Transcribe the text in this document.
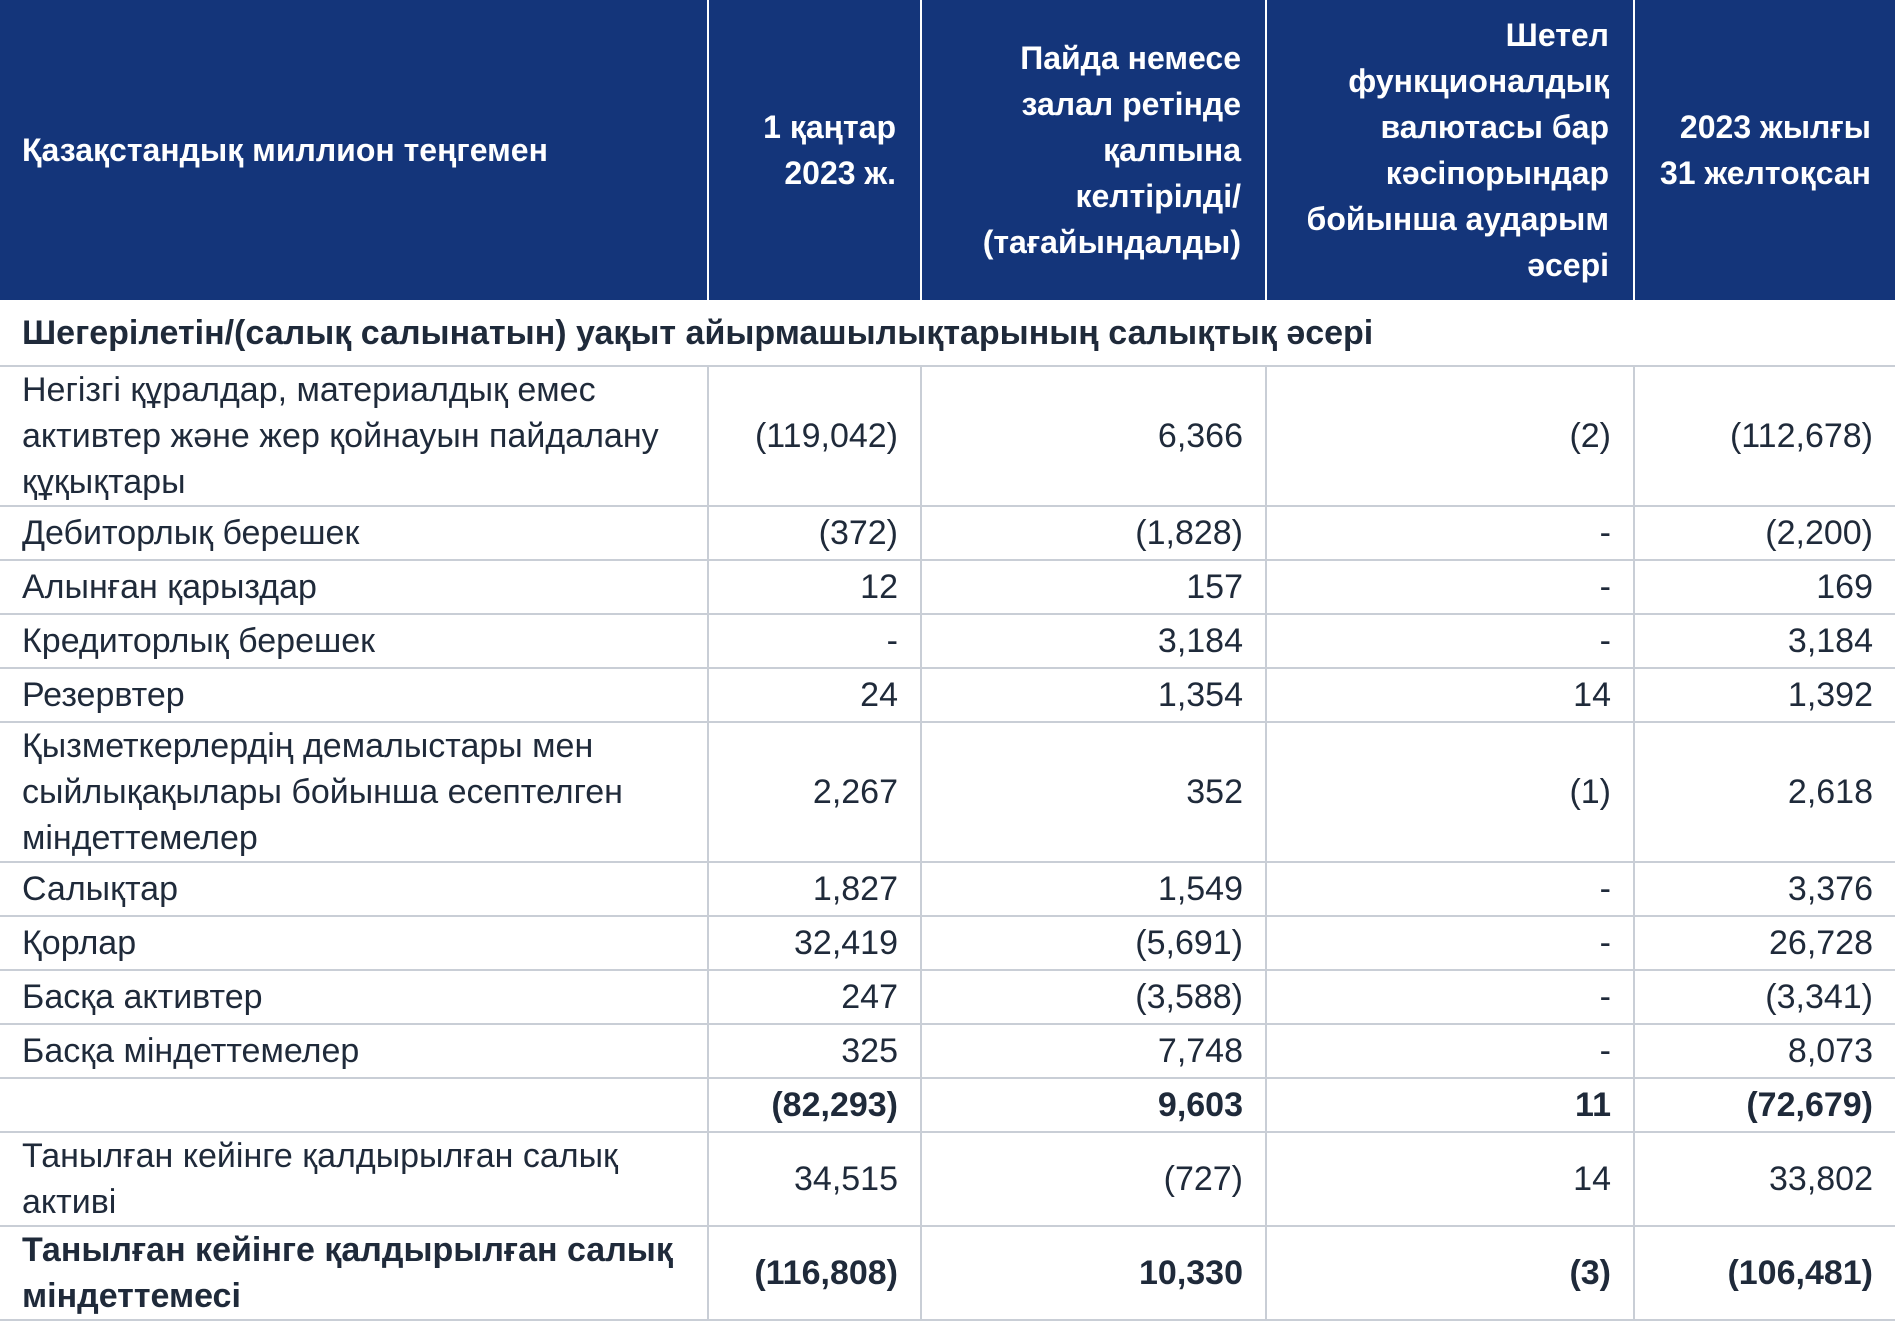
Қазақстандық миллион теңгемен	1 қаңтар 2023 ж.	Пайда немесе залал ретінде қалпына келтірілді/ (тағайындалды)	Шетел функционалдық валютасы бар кәсіпорындар бойынша аударым әсері	2023 жылғы 31 желтоқсан
Шегерілетін/(салық салынатын) уақыт айырмашылықтарының салықтық әсері				
Негізгі құралдар, материалдық емес активтер және жер қойнауын пайдалану құқықтары	(119,042)	6,366	(2)	(112,678)
Дебиторлық берешек	(372)	(1,828)	-	(2,200)
Алынған қарыздар	12	157	-	169
Кредиторлық берешек	-	3,184	-	3,184
Резервтер	24	1,354	14	1,392
Қызметкерлердің демалыстары мен сыйлықақылары бойынша есептелген міндеттемелер	2,267	352	(1)	2,618
Салықтар	1,827	1,549	-	3,376
Қорлар	32,419	(5,691)	-	26,728
Басқа активтер	247	(3,588)	-	(3,341)
Басқа міндеттемелер	325	7,748	-	8,073
	(82,293)	9,603	11	(72,679)
Танылған кейінге қалдырылған салық активі	34,515	(727)	14	33,802
Танылған кейінге қалдырылған салық міндеттемесі	(116,808)	10,330	(3)	(106,481)
